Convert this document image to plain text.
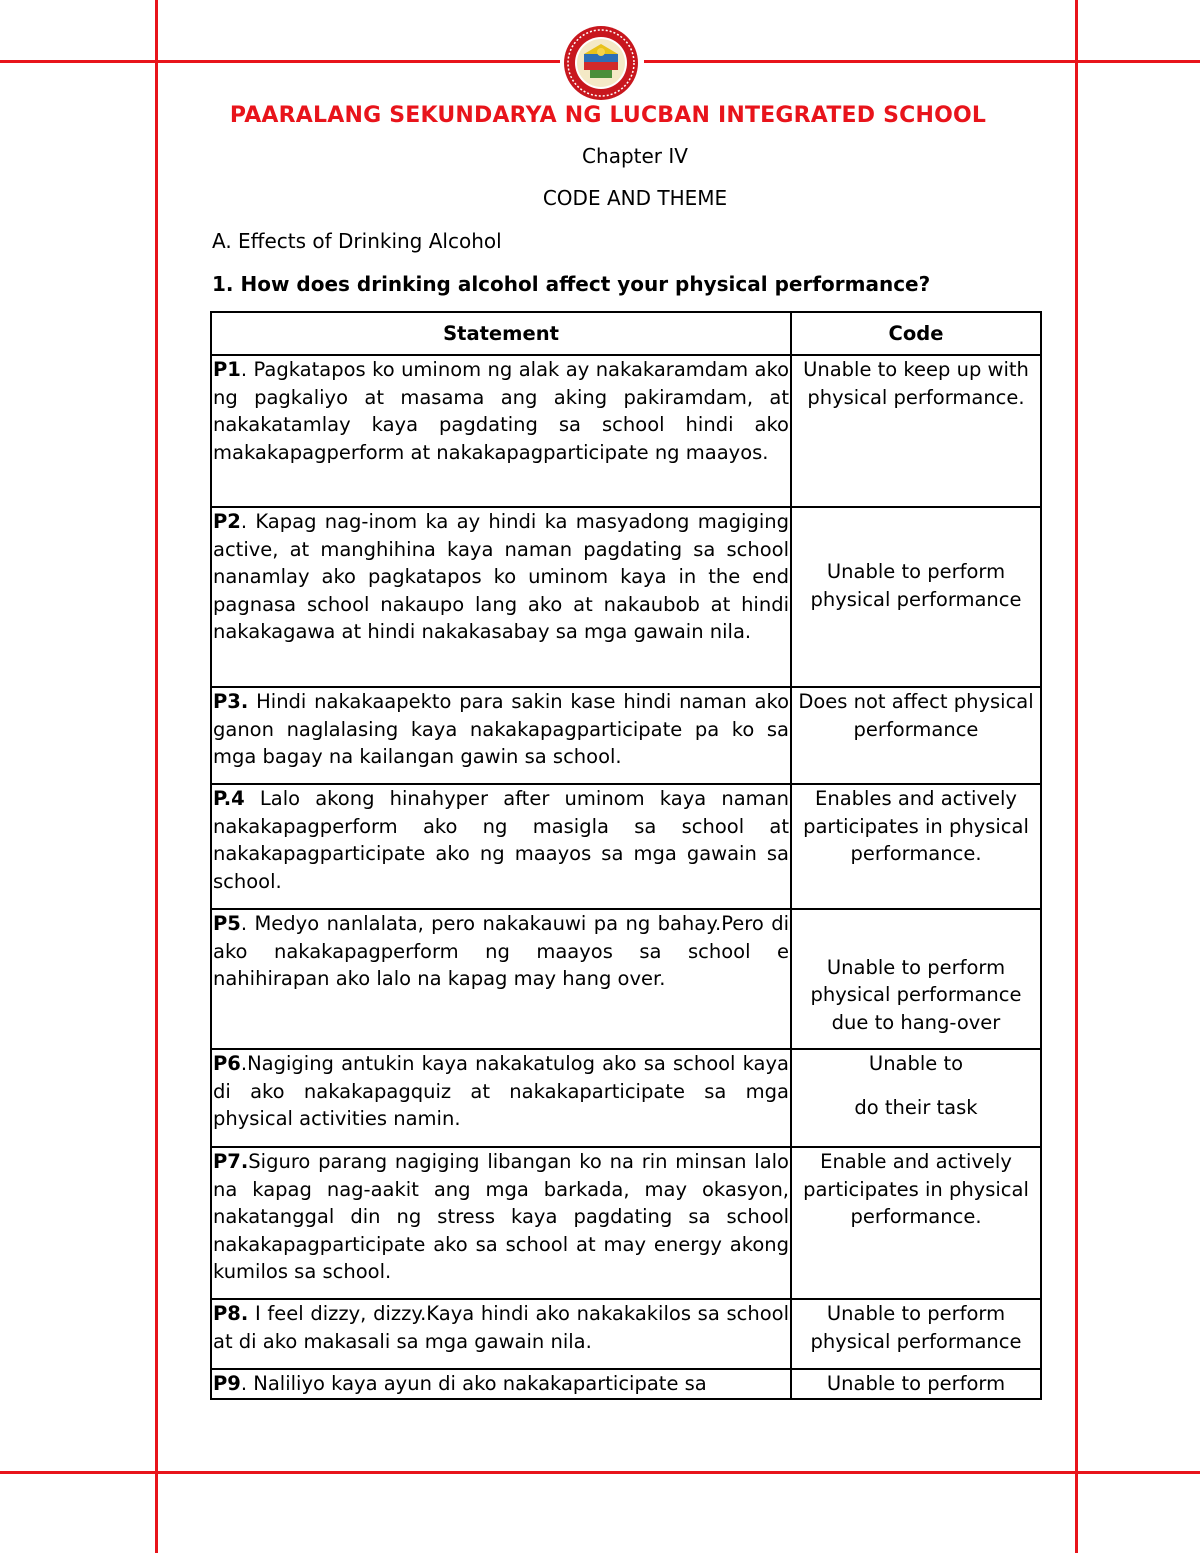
PAARALANG SEKUNDARYA NG LUCBAN INTEGRATED SCHOOL
Chapter IV
CODE AND THEME
A. Effects of Drinking Alcohol
1. How does drinking alcohol affect your physical performance?
Statement	Code
P1. Pagkatapos ko uminom ng alak ay nakakaramdam ako ng pagkaliyo at masama ang aking pakiramdam, at nakakatamlay kaya pagdating sa school hindi ako makakapagperform at nakakapagparticipate ng maayos.	Unable to keep up with physical performance.
P2. Kapag nag-inom ka ay hindi ka masyadong magiging active, at manghihina kaya naman pagdating sa school nanamlay ako pagkatapos ko uminom kaya in the end pagnasa school nakaupo lang ako at nakaubob at hindi nakakagawa at hindi nakakasabay sa mga gawain nila.	Unable to perform physical performance
P3. Hindi nakakaapekto para sakin kase hindi naman ako ganon naglalasing kaya nakakapagparticipate pa ko sa mga bagay na kailangan gawin sa school.	Does not affect physical performance
P.4 Lalo akong hinahyper after uminom kaya naman nakakapagperform ako ng masigla sa school at nakakapagparticipate ako ng maayos sa mga gawain sa school.	Enables and actively participates in physical performance.
P5. Medyo nanlalata, pero nakakauwi pa ng bahay.Pero di ako nakakapagperform ng maayos sa school e nahihirapan ako lalo na kapag may hang over.	Unable to perform physical performance due to hang-over
P6.Nagiging antukin kaya nakakatulog ako sa school kaya di ako nakakapagquiz at nakakaparticipate sa mga physical activities namin.	Unable to
do their task

P7.Siguro parang nagiging libangan ko na rin minsan lalo na kapag nag-aakit ang mga barkada, may okasyon, nakatanggal din ng stress kaya pagdating sa school nakakapagparticipate ako sa school at may energy akong kumilos sa school.	Enable and actively participates in physical performance.
P8. I feel dizzy, dizzy.Kaya hindi ako nakakakilos sa school at di ako makasali sa mga gawain nila.	Unable to perform physical performance
P9. Naliliyo kaya ayun di ako nakakaparticipate sa	Unable to perform
